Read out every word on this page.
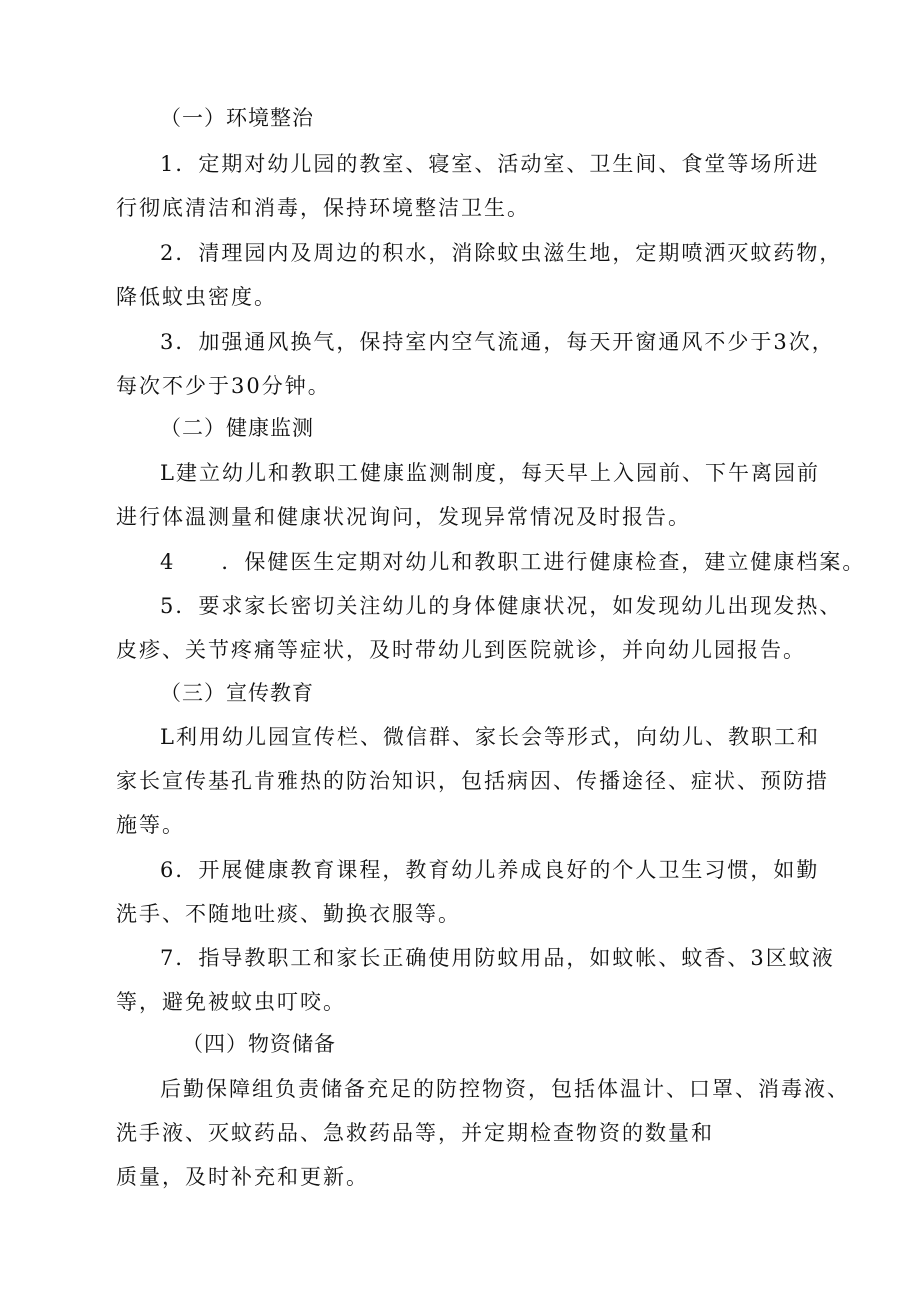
（一）环境整治
1．定期对幼儿园的教室、寝室、活动室、卫生间、食堂等场所进
行彻底清洁和消毒，保持环境整洁卫生。
2．清理园内及周边的积水，消除蚊虫滋生地，定期喷洒灭蚊药物，
降低蚊虫密度。
3．加强通风换气，保持室内空气流通，每天开窗通风不少于3次，
每次不少于30分钟。
（二）健康监测
L建立幼儿和教职工健康监测制度，每天早上入园前、下午离园前
进行体温测量和健康状况询问，发现异常情况及时报告。
4　　．保健医生定期对幼儿和教职工进行健康检查，建立健康档案。
5．要求家长密切关注幼儿的身体健康状况，如发现幼儿出现发热、
皮疹、关节疼痛等症状，及时带幼儿到医院就诊，并向幼儿园报告。
（三）宣传教育
L利用幼儿园宣传栏、微信群、家长会等形式，向幼儿、教职工和
家长宣传基孔肯雅热的防治知识，包括病因、传播途径、症状、预防措
施等。
6．开展健康教育课程，教育幼儿养成良好的个人卫生习惯，如勤
洗手、不随地吐痰、勤换衣服等。
7．指导教职工和家长正确使用防蚊用品，如蚊帐、蚊香、3区蚊液
等，避免被蚊虫叮咬。
（四）物资储备
后勤保障组负责储备充足的防控物资，包括体温计、口罩、消毒液、
洗手液、灭蚊药品、急救药品等，并定期检查物资的数量和
质量，及时补充和更新。
